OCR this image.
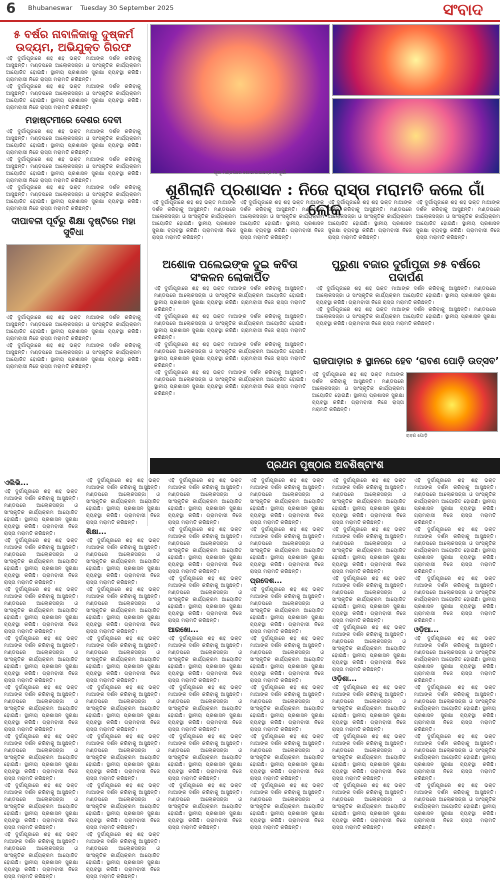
6 Bhubaneswar Tuesday 30 September 2025	ସଂବାଦ
୫ ବର୍ଷର ନାବାଳିକାକୁ ଦୁଷ୍କର୍ମ ଉଦ୍ୟମ, ଅଭିଯୁକ୍ତ ଗିରଫ
ଏହି ଦୁର୍ଗାପୂଜାରେ ଶହ ଶହ ଭକ୍ତ ମାଆଙ୍କ ଦର୍ଶନ କରିବାକୁ ଆସୁଛନ୍ତି। ମଣ୍ଡପରେ ଆଲୋକସଜ୍ଜା ଓ ସାଂସ୍କୃତିକ କାର୍ଯ୍ୟକ୍ରମ ଆୟୋଜିତ ହୋଇଛି। ସ୍ଥାନୀୟ ପ୍ରଶାସନ ସୁରକ୍ଷା ବ୍ୟବସ୍ଥା କରିଛି। ଗ୍ରାମବାସୀ ନିଜେ ରାସ୍ତା ମରାମତି କରିଛନ୍ତି।
ଏହି ଦୁର୍ଗାପୂଜାରେ ଶହ ଶହ ଭକ୍ତ ମାଆଙ୍କ ଦର୍ଶନ କରିବାକୁ ଆସୁଛନ୍ତି। ମଣ୍ଡପରେ ଆଲୋକସଜ୍ଜା ଓ ସାଂସ୍କୃତିକ କାର୍ଯ୍ୟକ୍ରମ ଆୟୋଜିତ ହୋଇଛି। ସ୍ଥାନୀୟ ପ୍ରଶାସନ ସୁରକ୍ଷା ବ୍ୟବସ୍ଥା କରିଛି। ଗ୍ରାମବାସୀ ନିଜେ ରାସ୍ତା ମରାମତି କରିଛନ୍ତି।
ମହାଷ୍ଟମୀରେ ଦେଶର ଦେବୀ
ଏହି ଦୁର୍ଗାପୂଜାରେ ଶହ ଶହ ଭକ୍ତ ମାଆଙ୍କ ଦର୍ଶନ କରିବାକୁ ଆସୁଛନ୍ତି। ମଣ୍ଡପରେ ଆଲୋକସଜ୍ଜା ଓ ସାଂସ୍କୃତିକ କାର୍ଯ୍ୟକ୍ରମ ଆୟୋଜିତ ହୋଇଛି। ସ୍ଥାନୀୟ ପ୍ରଶାସନ ସୁରକ୍ଷା ବ୍ୟବସ୍ଥା କରିଛି। ଗ୍ରାମବାସୀ ନିଜେ ରାସ୍ତା ମରାମତି କରିଛନ୍ତି।
ଏହି ଦୁର୍ଗାପୂଜାରେ ଶହ ଶହ ଭକ୍ତ ମାଆଙ୍କ ଦର୍ଶନ କରିବାକୁ ଆସୁଛନ୍ତି। ମଣ୍ଡପରେ ଆଲୋକସଜ୍ଜା ଓ ସାଂସ୍କୃତିକ କାର୍ଯ୍ୟକ୍ରମ ଆୟୋଜିତ ହୋଇଛି। ସ୍ଥାନୀୟ ପ୍ରଶାସନ ସୁରକ୍ଷା ବ୍ୟବସ୍ଥା କରିଛି। ଗ୍ରାମବାସୀ ନିଜେ ରାସ୍ତା ମରାମତି କରିଛନ୍ତି।
ଏହି ଦୁର୍ଗାପୂଜାରେ ଶହ ଶହ ଭକ୍ତ ମାଆଙ୍କ ଦର୍ଶନ କରିବାକୁ ଆସୁଛନ୍ତି। ମଣ୍ଡପରେ ଆଲୋକସଜ୍ଜା ଓ ସାଂସ୍କୃତିକ କାର୍ଯ୍ୟକ୍ରମ ଆୟୋଜିତ ହୋଇଛି। ସ୍ଥାନୀୟ ପ୍ରଶାସନ ସୁରକ୍ଷା ବ୍ୟବସ୍ଥା କରିଛି। ଗ୍ରାମବାସୀ ନିଜେ ରାସ୍ତା ମରାମତି କରିଛନ୍ତି।
ଦୀପାବଳୀ ପୂର୍ବରୁ ଶିକ୍ଷା ଦୃଷ୍ଟିରେ ମହା ସୁବିଧା
ଏହି ଦୁର୍ଗାପୂଜାରେ ଶହ ଶହ ଭକ୍ତ ମାଆଙ୍କ ଦର୍ଶନ କରିବାକୁ ଆସୁଛନ୍ତି। ମଣ୍ଡପରେ ଆଲୋକସଜ୍ଜା ଓ ସାଂସ୍କୃତିକ କାର୍ଯ୍ୟକ୍ରମ ଆୟୋଜିତ ହୋଇଛି। ସ୍ଥାନୀୟ ପ୍ରଶାସନ ସୁରକ୍ଷା ବ୍ୟବସ୍ଥା କରିଛି। ଗ୍ରାମବାସୀ ନିଜେ ରାସ୍ତା ମରାମତି କରିଛନ୍ତି।
ଏହି ଦୁର୍ଗାପୂଜାରେ ଶହ ଶହ ଭକ୍ତ ମାଆଙ୍କ ଦର୍ଶନ କରିବାକୁ ଆସୁଛନ୍ତି। ମଣ୍ଡପରେ ଆଲୋକସଜ୍ଜା ଓ ସାଂସ୍କୃତିକ କାର୍ଯ୍ୟକ୍ରମ ଆୟୋଜିତ ହୋଇଛି। ସ୍ଥାନୀୟ ପ୍ରଶାସନ ସୁରକ୍ଷା ବ୍ୟବସ୍ଥା କରିଛି। ଗ୍ରାମବାସୀ ନିଜେ ରାସ୍ତା ମରାମତି କରିଛନ୍ତି।
ପୂଜା ମଣ୍ଡପରେ ଶୋଭାପାଉଛନ୍ତି ମା’ଦୁର୍ଗା
ଶୁଣିଲାନି ପ୍ରଶାସନ : ନିଜେ ରାସ୍ତା ମରାମତି କଲେ ଗାଁ ଲୋକ
ଏହି ଦୁର୍ଗାପୂଜାରେ ଶହ ଶହ ଭକ୍ତ ମାଆଙ୍କ ଦର୍ଶନ କରିବାକୁ ଆସୁଛନ୍ତି। ମଣ୍ଡପରେ ଆଲୋକସଜ୍ଜା ଓ ସାଂସ୍କୃତିକ କାର୍ଯ୍ୟକ୍ରମ ଆୟୋଜିତ ହୋଇଛି। ସ୍ଥାନୀୟ ପ୍ରଶାସନ ସୁରକ୍ଷା ବ୍ୟବସ୍ଥା କରିଛି। ଗ୍ରାମବାସୀ ନିଜେ ରାସ୍ତା ମରାମତି କରିଛନ୍ତି।
ଏହି ଦୁର୍ଗାପୂଜାରେ ଶହ ଶହ ଭକ୍ତ ମାଆଙ୍କ ଦର୍ଶନ କରିବାକୁ ଆସୁଛନ୍ତି। ମଣ୍ଡପରେ ଆଲୋକସଜ୍ଜା ଓ ସାଂସ୍କୃତିକ କାର୍ଯ୍ୟକ୍ରମ ଆୟୋଜିତ ହୋଇଛି। ସ୍ଥାନୀୟ ପ୍ରଶାସନ ସୁରକ୍ଷା ବ୍ୟବସ୍ଥା କରିଛି। ଗ୍ରାମବାସୀ ନିଜେ ରାସ୍ତା ମରାମତି କରିଛନ୍ତି।
ଏହି ଦୁର୍ଗାପୂଜାରେ ଶହ ଶହ ଭକ୍ତ ମାଆଙ୍କ ଦର୍ଶନ କରିବାକୁ ଆସୁଛନ୍ତି। ମଣ୍ଡପରେ ଆଲୋକସଜ୍ଜା ଓ ସାଂସ୍କୃତିକ କାର୍ଯ୍ୟକ୍ରମ ଆୟୋଜିତ ହୋଇଛି। ସ୍ଥାନୀୟ ପ୍ରଶାସନ ସୁରକ୍ଷା ବ୍ୟବସ୍ଥା କରିଛି। ଗ୍ରାମବାସୀ ନିଜେ ରାସ୍ତା ମରାମତି କରିଛନ୍ତି।
ଏହି ଦୁର୍ଗାପୂଜାରେ ଶହ ଶହ ଭକ୍ତ ମାଆଙ୍କ ଦର୍ଶନ କରିବାକୁ ଆସୁଛନ୍ତି। ମଣ୍ଡପରେ ଆଲୋକସଜ୍ଜା ଓ ସାଂସ୍କୃତିକ କାର୍ଯ୍ୟକ୍ରମ ଆୟୋଜିତ ହୋଇଛି। ସ୍ଥାନୀୟ ପ୍ରଶାସନ ସୁରକ୍ଷା ବ୍ୟବସ୍ଥା କରିଛି। ଗ୍ରାମବାସୀ ନିଜେ ରାସ୍ତା ମରାମତି କରିଛନ୍ତି।
ଅଶୋକ ପଲେଇଙ୍କ ଦୁଇ କବିତା ସଂକଳନ ଲୋକାର୍ପିତ
ଏହି ଦୁର୍ଗାପୂଜାରେ ଶହ ଶହ ଭକ୍ତ ମାଆଙ୍କ ଦର୍ଶନ କରିବାକୁ ଆସୁଛନ୍ତି। ମଣ୍ଡପରେ ଆଲୋକସଜ୍ଜା ଓ ସାଂସ୍କୃତିକ କାର୍ଯ୍ୟକ୍ରମ ଆୟୋଜିତ ହୋଇଛି। ସ୍ଥାନୀୟ ପ୍ରଶାସନ ସୁରକ୍ଷା ବ୍ୟବସ୍ଥା କରିଛି। ଗ୍ରାମବାସୀ ନିଜେ ରାସ୍ତା ମରାମତି କରିଛନ୍ତି।
ଏହି ଦୁର୍ଗାପୂଜାରେ ଶହ ଶହ ଭକ୍ତ ମାଆଙ୍କ ଦର୍ଶନ କରିବାକୁ ଆସୁଛନ୍ତି। ମଣ୍ଡପରେ ଆଲୋକସଜ୍ଜା ଓ ସାଂସ୍କୃତିକ କାର୍ଯ୍ୟକ୍ରମ ଆୟୋଜିତ ହୋଇଛି। ସ୍ଥାନୀୟ ପ୍ରଶାସନ ସୁରକ୍ଷା ବ୍ୟବସ୍ଥା କରିଛି। ଗ୍ରାମବାସୀ ନିଜେ ରାସ୍ତା ମରାମତି କରିଛନ୍ତି।
ଏହି ଦୁର୍ଗାପୂଜାରେ ଶହ ଶହ ଭକ୍ତ ମାଆଙ୍କ ଦର୍ଶନ କରିବାକୁ ଆସୁଛନ୍ତି। ମଣ୍ଡପରେ ଆଲୋକସଜ୍ଜା ଓ ସାଂସ୍କୃତିକ କାର୍ଯ୍ୟକ୍ରମ ଆୟୋଜିତ ହୋଇଛି। ସ୍ଥାନୀୟ ପ୍ରଶାସନ ସୁରକ୍ଷା ବ୍ୟବସ୍ଥା କରିଛି। ଗ୍ରାମବାସୀ ନିଜେ ରାସ୍ତା ମରାମତି କରିଛନ୍ତି।
ଏହି ଦୁର୍ଗାପୂଜାରେ ଶହ ଶହ ଭକ୍ତ ମାଆଙ୍କ ଦର୍ଶନ କରିବାକୁ ଆସୁଛନ୍ତି। ମଣ୍ଡପରେ ଆଲୋକସଜ୍ଜା ଓ ସାଂସ୍କୃତିକ କାର୍ଯ୍ୟକ୍ରମ ଆୟୋଜିତ ହୋଇଛି। ସ୍ଥାନୀୟ ପ୍ରଶାସନ ସୁରକ୍ଷା ବ୍ୟବସ୍ଥା କରିଛି। ଗ୍ରାମବାସୀ ନିଜେ ରାସ୍ତା ମରାମତି କରିଛନ୍ତି।
ପୁରୁଣା ବଜାର ଦୁର୍ଗାପୂଜା ୭୫ ବର୍ଷରେ ପଦାର୍ପଣ
ଏହି ଦୁର୍ଗାପୂଜାରେ ଶହ ଶହ ଭକ୍ତ ମାଆଙ୍କ ଦର୍ଶନ କରିବାକୁ ଆସୁଛନ୍ତି। ମଣ୍ଡପରେ ଆଲୋକସଜ୍ଜା ଓ ସାଂସ୍କୃତିକ କାର୍ଯ୍ୟକ୍ରମ ଆୟୋଜିତ ହୋଇଛି। ସ୍ଥାନୀୟ ପ୍ରଶାସନ ସୁରକ୍ଷା ବ୍ୟବସ୍ଥା କରିଛି। ଗ୍ରାମବାସୀ ନିଜେ ରାସ୍ତା ମରାମତି କରିଛନ୍ତି।
ଏହି ଦୁର୍ଗାପୂଜାରେ ଶହ ଶହ ଭକ୍ତ ମାଆଙ୍କ ଦର୍ଶନ କରିବାକୁ ଆସୁଛନ୍ତି। ମଣ୍ଡପରେ ଆଲୋକସଜ୍ଜା ଓ ସାଂସ୍କୃତିକ କାର୍ଯ୍ୟକ୍ରମ ଆୟୋଜିତ ହୋଇଛି। ସ୍ଥାନୀୟ ପ୍ରଶାସନ ସୁରକ୍ଷା ବ୍ୟବସ୍ଥା କରିଛି। ଗ୍ରାମବାସୀ ନିଜେ ରାସ୍ତା ମରାମତି କରିଛନ୍ତି।
ରାଜପାଡ଼ାର ୫ ସ୍ଥାନରେ ହେବ ‘ରାବଣ ପୋଡ଼ି ଉତ୍ସବ’
ଏହି ଦୁର୍ଗାପୂଜାରେ ଶହ ଶହ ଭକ୍ତ ମାଆଙ୍କ ଦର୍ଶନ କରିବାକୁ ଆସୁଛନ୍ତି। ମଣ୍ଡପରେ ଆଲୋକସଜ୍ଜା ଓ ସାଂସ୍କୃତିକ କାର୍ଯ୍ୟକ୍ରମ ଆୟୋଜିତ ହୋଇଛି। ସ୍ଥାନୀୟ ପ୍ରଶାସନ ସୁରକ୍ଷା ବ୍ୟବସ୍ଥା କରିଛି। ଗ୍ରାମବାସୀ ନିଜେ ରାସ୍ତା ମରାମତି କରିଛନ୍ତି।
ରାବଣ ପୋଡ଼ି
ପ୍ରଥମ ପୃଷ୍ଠାର ଅବଶିଷ୍ଟାଂଶ
ଏଲିଭି...
ଏହି ଦୁର୍ଗାପୂଜାରେ ଶହ ଶହ ଭକ୍ତ ମାଆଙ୍କ ଦର୍ଶନ କରିବାକୁ ଆସୁଛନ୍ତି। ମଣ୍ଡପରେ ଆଲୋକସଜ୍ଜା ଓ ସାଂସ୍କୃତିକ କାର୍ଯ୍ୟକ୍ରମ ଆୟୋଜିତ ହୋଇଛି। ସ୍ଥାନୀୟ ପ୍ରଶାସନ ସୁରକ୍ଷା ବ୍ୟବସ୍ଥା କରିଛି। ଗ୍ରାମବାସୀ ନିଜେ ରାସ୍ତା ମରାମତି କରିଛନ୍ତି।
ଏହି ଦୁର୍ଗାପୂଜାରେ ଶହ ଶହ ଭକ୍ତ ମାଆଙ୍କ ଦର୍ଶନ କରିବାକୁ ଆସୁଛନ୍ତି। ମଣ୍ଡପରେ ଆଲୋକସଜ୍ଜା ଓ ସାଂସ୍କୃତିକ କାର୍ଯ୍ୟକ୍ରମ ଆୟୋଜିତ ହୋଇଛି। ସ୍ଥାନୀୟ ପ୍ରଶାସନ ସୁରକ୍ଷା ବ୍ୟବସ୍ଥା କରିଛି। ଗ୍ରାମବାସୀ ନିଜେ ରାସ୍ତା ମରାମତି କରିଛନ୍ତି।
ଏହି ଦୁର୍ଗାପୂଜାରେ ଶହ ଶହ ଭକ୍ତ ମାଆଙ୍କ ଦର୍ଶନ କରିବାକୁ ଆସୁଛନ୍ତି। ମଣ୍ଡପରେ ଆଲୋକସଜ୍ଜା ଓ ସାଂସ୍କୃତିକ କାର୍ଯ୍ୟକ୍ରମ ଆୟୋଜିତ ହୋଇଛି। ସ୍ଥାନୀୟ ପ୍ରଶାସନ ସୁରକ୍ଷା ବ୍ୟବସ୍ଥା କରିଛି। ଗ୍ରାମବାସୀ ନିଜେ ରାସ୍ତା ମରାମତି କରିଛନ୍ତି।
ଏହି ଦୁର୍ଗାପୂଜାରେ ଶହ ଶହ ଭକ୍ତ ମାଆଙ୍କ ଦର୍ଶନ କରିବାକୁ ଆସୁଛନ୍ତି। ମଣ୍ଡପରେ ଆଲୋକସଜ୍ଜା ଓ ସାଂସ୍କୃତିକ କାର୍ଯ୍ୟକ୍ରମ ଆୟୋଜିତ ହୋଇଛି। ସ୍ଥାନୀୟ ପ୍ରଶାସନ ସୁରକ୍ଷା ବ୍ୟବସ୍ଥା କରିଛି। ଗ୍ରାମବାସୀ ନିଜେ ରାସ୍ତା ମରାମତି କରିଛନ୍ତି।
ଏହି ଦୁର୍ଗାପୂଜାରେ ଶହ ଶହ ଭକ୍ତ ମାଆଙ୍କ ଦର୍ଶନ କରିବାକୁ ଆସୁଛନ୍ତି। ମଣ୍ଡପରେ ଆଲୋକସଜ୍ଜା ଓ ସାଂସ୍କୃତିକ କାର୍ଯ୍ୟକ୍ରମ ଆୟୋଜିତ ହୋଇଛି। ସ୍ଥାନୀୟ ପ୍ରଶାସନ ସୁରକ୍ଷା ବ୍ୟବସ୍ଥା କରିଛି। ଗ୍ରାମବାସୀ ନିଜେ ରାସ୍ତା ମରାମତି କରିଛନ୍ତି।
ଏହି ଦୁର୍ଗାପୂଜାରେ ଶହ ଶହ ଭକ୍ତ ମାଆଙ୍କ ଦର୍ଶନ କରିବାକୁ ଆସୁଛନ୍ତି। ମଣ୍ଡପରେ ଆଲୋକସଜ୍ଜା ଓ ସାଂସ୍କୃତିକ କାର୍ଯ୍ୟକ୍ରମ ଆୟୋଜିତ ହୋଇଛି। ସ୍ଥାନୀୟ ପ୍ରଶାସନ ସୁରକ୍ଷା ବ୍ୟବସ୍ଥା କରିଛି। ଗ୍ରାମବାସୀ ନିଜେ ରାସ୍ତା ମରାମତି କରିଛନ୍ତି।
ଏହି ଦୁର୍ଗାପୂଜାରେ ଶହ ଶହ ଭକ୍ତ ମାଆଙ୍କ ଦର୍ଶନ କରିବାକୁ ଆସୁଛନ୍ତି। ମଣ୍ଡପରେ ଆଲୋକସଜ୍ଜା ଓ ସାଂସ୍କୃତିକ କାର୍ଯ୍ୟକ୍ରମ ଆୟୋଜିତ ହୋଇଛି। ସ୍ଥାନୀୟ ପ୍ରଶାସନ ସୁରକ୍ଷା ବ୍ୟବସ୍ଥା କରିଛି। ଗ୍ରାମବାସୀ ନିଜେ ରାସ୍ତା ମରାମତି କରିଛନ୍ତି।
ଏହି ଦୁର୍ଗାପୂଜାରେ ଶହ ଶହ ଭକ୍ତ ମାଆଙ୍କ ଦର୍ଶନ କରିବାକୁ ଆସୁଛନ୍ତି। ମଣ୍ଡପରେ ଆଲୋକସଜ୍ଜା ଓ ସାଂସ୍କୃତିକ କାର୍ଯ୍ୟକ୍ରମ ଆୟୋଜିତ ହୋଇଛି। ସ୍ଥାନୀୟ ପ୍ରଶାସନ ସୁରକ୍ଷା ବ୍ୟବସ୍ଥା କରିଛି। ଗ୍ରାମବାସୀ ନିଜେ ରାସ୍ତା ମରାମତି କରିଛନ୍ତି।
ଏହି ଦୁର୍ଗାପୂଜାରେ ଶହ ଶହ ଭକ୍ତ ମାଆଙ୍କ ଦର୍ଶନ କରିବାକୁ ଆସୁଛନ୍ତି। ମଣ୍ଡପରେ ଆଲୋକସଜ୍ଜା ଓ ସାଂସ୍କୃତିକ କାର୍ଯ୍ୟକ୍ରମ ଆୟୋଜିତ ହୋଇଛି। ସ୍ଥାନୀୟ ପ୍ରଶାସନ ସୁରକ୍ଷା ବ୍ୟବସ୍ଥା କରିଛି। ଗ୍ରାମବାସୀ ନିଜେ ରାସ୍ତା ମରାମତି କରିଛନ୍ତି।
ଶିକ୍ଷା...
ଏହି ଦୁର୍ଗାପୂଜାରେ ଶହ ଶହ ଭକ୍ତ ମାଆଙ୍କ ଦର୍ଶନ କରିବାକୁ ଆସୁଛନ୍ତି। ମଣ୍ଡପରେ ଆଲୋକସଜ୍ଜା ଓ ସାଂସ୍କୃତିକ କାର୍ଯ୍ୟକ୍ରମ ଆୟୋଜିତ ହୋଇଛି। ସ୍ଥାନୀୟ ପ୍ରଶାସନ ସୁରକ୍ଷା ବ୍ୟବସ୍ଥା କରିଛି। ଗ୍ରାମବାସୀ ନିଜେ ରାସ୍ତା ମରାମତି କରିଛନ୍ତି।
ଏହି ଦୁର୍ଗାପୂଜାରେ ଶହ ଶହ ଭକ୍ତ ମାଆଙ୍କ ଦର୍ଶନ କରିବାକୁ ଆସୁଛନ୍ତି। ମଣ୍ଡପରେ ଆଲୋକସଜ୍ଜା ଓ ସାଂସ୍କୃତିକ କାର୍ଯ୍ୟକ୍ରମ ଆୟୋଜିତ ହୋଇଛି। ସ୍ଥାନୀୟ ପ୍ରଶାସନ ସୁରକ୍ଷା ବ୍ୟବସ୍ଥା କରିଛି। ଗ୍ରାମବାସୀ ନିଜେ ରାସ୍ତା ମରାମତି କରିଛନ୍ତି।
ଏହି ଦୁର୍ଗାପୂଜାରେ ଶହ ଶହ ଭକ୍ତ ମାଆଙ୍କ ଦର୍ଶନ କରିବାକୁ ଆସୁଛନ୍ତି। ମଣ୍ଡପରେ ଆଲୋକସଜ୍ଜା ଓ ସାଂସ୍କୃତିକ କାର୍ଯ୍ୟକ୍ରମ ଆୟୋଜିତ ହୋଇଛି। ସ୍ଥାନୀୟ ପ୍ରଶାସନ ସୁରକ୍ଷା ବ୍ୟବସ୍ଥା କରିଛି। ଗ୍ରାମବାସୀ ନିଜେ ରାସ୍ତା ମରାମତି କରିଛନ୍ତି।
ଏହି ଦୁର୍ଗାପୂଜାରେ ଶହ ଶହ ଭକ୍ତ ମାଆଙ୍କ ଦର୍ଶନ କରିବାକୁ ଆସୁଛନ୍ତି। ମଣ୍ଡପରେ ଆଲୋକସଜ୍ଜା ଓ ସାଂସ୍କୃତିକ କାର୍ଯ୍ୟକ୍ରମ ଆୟୋଜିତ ହୋଇଛି। ସ୍ଥାନୀୟ ପ୍ରଶାସନ ସୁରକ୍ଷା ବ୍ୟବସ୍ଥା କରିଛି। ଗ୍ରାମବାସୀ ନିଜେ ରାସ୍ତା ମରାମତି କରିଛନ୍ତି।
ଏହି ଦୁର୍ଗାପୂଜାରେ ଶହ ଶହ ଭକ୍ତ ମାଆଙ୍କ ଦର୍ଶନ କରିବାକୁ ଆସୁଛନ୍ତି। ମଣ୍ଡପରେ ଆଲୋକସଜ୍ଜା ଓ ସାଂସ୍କୃତିକ କାର୍ଯ୍ୟକ୍ରମ ଆୟୋଜିତ ହୋଇଛି। ସ୍ଥାନୀୟ ପ୍ରଶାସନ ସୁରକ୍ଷା ବ୍ୟବସ୍ଥା କରିଛି। ଗ୍ରାମବାସୀ ନିଜେ ରାସ୍ତା ମରାମତି କରିଛନ୍ତି।
ଏହି ଦୁର୍ଗାପୂଜାରେ ଶହ ଶହ ଭକ୍ତ ମାଆଙ୍କ ଦର୍ଶନ କରିବାକୁ ଆସୁଛନ୍ତି। ମଣ୍ଡପରେ ଆଲୋକସଜ୍ଜା ଓ ସାଂସ୍କୃତିକ କାର୍ଯ୍ୟକ୍ରମ ଆୟୋଜିତ ହୋଇଛି। ସ୍ଥାନୀୟ ପ୍ରଶାସନ ସୁରକ୍ଷା ବ୍ୟବସ୍ଥା କରିଛି। ଗ୍ରାମବାସୀ ନିଜେ ରାସ୍ତା ମରାମତି କରିଛନ୍ତି।
ଏହି ଦୁର୍ଗାପୂଜାରେ ଶହ ଶହ ଭକ୍ତ ମାଆଙ୍କ ଦର୍ଶନ କରିବାକୁ ଆସୁଛନ୍ତି। ମଣ୍ଡପରେ ଆଲୋକସଜ୍ଜା ଓ ସାଂସ୍କୃତିକ କାର୍ଯ୍ୟକ୍ରମ ଆୟୋଜିତ ହୋଇଛି। ସ୍ଥାନୀୟ ପ୍ରଶାସନ ସୁରକ୍ଷା ବ୍ୟବସ୍ଥା କରିଛି। ଗ୍ରାମବାସୀ ନିଜେ ରାସ୍ତା ମରାମତି କରିଛନ୍ତି।
ଏହି ଦୁର୍ଗାପୂଜାରେ ଶହ ଶହ ଭକ୍ତ ମାଆଙ୍କ ଦର୍ଶନ କରିବାକୁ ଆସୁଛନ୍ତି। ମଣ୍ଡପରେ ଆଲୋକସଜ୍ଜା ଓ ସାଂସ୍କୃତିକ କାର୍ଯ୍ୟକ୍ରମ ଆୟୋଜିତ ହୋଇଛି। ସ୍ଥାନୀୟ ପ୍ରଶାସନ ସୁରକ୍ଷା ବ୍ୟବସ୍ଥା କରିଛି। ଗ୍ରାମବାସୀ ନିଜେ ରାସ୍ତା ମରାମତି କରିଛନ୍ତି।
ଏହି ଦୁର୍ଗାପୂଜାରେ ଶହ ଶହ ଭକ୍ତ ମାଆଙ୍କ ଦର୍ଶନ କରିବାକୁ ଆସୁଛନ୍ତି। ମଣ୍ଡପରେ ଆଲୋକସଜ୍ଜା ଓ ସାଂସ୍କୃତିକ କାର୍ଯ୍ୟକ୍ରମ ଆୟୋଜିତ ହୋଇଛି। ସ୍ଥାନୀୟ ପ୍ରଶାସନ ସୁରକ୍ଷା ବ୍ୟବସ୍ଥା କରିଛି। ଗ୍ରାମବାସୀ ନିଜେ ରାସ୍ତା ମରାମତି କରିଛନ୍ତି।
ଏହି ଦୁର୍ଗାପୂଜାରେ ଶହ ଶହ ଭକ୍ତ ମାଆଙ୍କ ଦର୍ଶନ କରିବାକୁ ଆସୁଛନ୍ତି। ମଣ୍ଡପରେ ଆଲୋକସଜ୍ଜା ଓ ସାଂସ୍କୃତିକ କାର୍ଯ୍ୟକ୍ରମ ଆୟୋଜିତ ହୋଇଛି। ସ୍ଥାନୀୟ ପ୍ରଶାସନ ସୁରକ୍ଷା ବ୍ୟବସ୍ଥା କରିଛି। ଗ୍ରାମବାସୀ ନିଜେ ରାସ୍ତା ମରାମତି କରିଛନ୍ତି।
ଆରଖୋ...
ଏହି ଦୁର୍ଗାପୂଜାରେ ଶହ ଶହ ଭକ୍ତ ମାଆଙ୍କ ଦର୍ଶନ କରିବାକୁ ଆସୁଛନ୍ତି। ମଣ୍ଡପରେ ଆଲୋକସଜ୍ଜା ଓ ସାଂସ୍କୃତିକ କାର୍ଯ୍ୟକ୍ରମ ଆୟୋଜିତ ହୋଇଛି। ସ୍ଥାନୀୟ ପ୍ରଶାସନ ସୁରକ୍ଷା ବ୍ୟବସ୍ଥା କରିଛି। ଗ୍ରାମବାସୀ ନିଜେ ରାସ୍ତା ମରାମତି କରିଛନ୍ତି।
ଏହି ଦୁର୍ଗାପୂଜାରେ ଶହ ଶହ ଭକ୍ତ ମାଆଙ୍କ ଦର୍ଶନ କରିବାକୁ ଆସୁଛନ୍ତି। ମଣ୍ଡପରେ ଆଲୋକସଜ୍ଜା ଓ ସାଂସ୍କୃତିକ କାର୍ଯ୍ୟକ୍ରମ ଆୟୋଜିତ ହୋଇଛି। ସ୍ଥାନୀୟ ପ୍ରଶାସନ ସୁରକ୍ଷା ବ୍ୟବସ୍ଥା କରିଛି। ଗ୍ରାମବାସୀ ନିଜେ ରାସ୍ତା ମରାମତି କରିଛନ୍ତି।
ଏହି ଦୁର୍ଗାପୂଜାରେ ଶହ ଶହ ଭକ୍ତ ମାଆଙ୍କ ଦର୍ଶନ କରିବାକୁ ଆସୁଛନ୍ତି। ମଣ୍ଡପରେ ଆଲୋକସଜ୍ଜା ଓ ସାଂସ୍କୃତିକ କାର୍ଯ୍ୟକ୍ରମ ଆୟୋଜିତ ହୋଇଛି। ସ୍ଥାନୀୟ ପ୍ରଶାସନ ସୁରକ୍ଷା ବ୍ୟବସ୍ଥା କରିଛି। ଗ୍ରାମବାସୀ ନିଜେ ରାସ୍ତା ମରାମତି କରିଛନ୍ତି।
ଏହି ଦୁର୍ଗାପୂଜାରେ ଶହ ଶହ ଭକ୍ତ ମାଆଙ୍କ ଦର୍ଶନ କରିବାକୁ ଆସୁଛନ୍ତି। ମଣ୍ଡପରେ ଆଲୋକସଜ୍ଜା ଓ ସାଂସ୍କୃତିକ କାର୍ଯ୍ୟକ୍ରମ ଆୟୋଜିତ ହୋଇଛି। ସ୍ଥାନୀୟ ପ୍ରଶାସନ ସୁରକ୍ଷା ବ୍ୟବସ୍ଥା କରିଛି। ଗ୍ରାମବାସୀ ନିଜେ ରାସ୍ତା ମରାମତି କରିଛନ୍ତି।
ଏହି ଦୁର୍ଗାପୂଜାରେ ଶହ ଶହ ଭକ୍ତ ମାଆଙ୍କ ଦର୍ଶନ କରିବାକୁ ଆସୁଛନ୍ତି। ମଣ୍ଡପରେ ଆଲୋକସଜ୍ଜା ଓ ସାଂସ୍କୃତିକ କାର୍ଯ୍ୟକ୍ରମ ଆୟୋଜିତ ହୋଇଛି। ସ୍ଥାନୀୟ ପ୍ରଶାସନ ସୁରକ୍ଷା ବ୍ୟବସ୍ଥା କରିଛି। ଗ୍ରାମବାସୀ ନିଜେ ରାସ୍ତା ମରାମତି କରିଛନ୍ତି।
ଏହି ଦୁର୍ଗାପୂଜାରେ ଶହ ଶହ ଭକ୍ତ ମାଆଙ୍କ ଦର୍ଶନ କରିବାକୁ ଆସୁଛନ୍ତି। ମଣ୍ଡପରେ ଆଲୋକସଜ୍ଜା ଓ ସାଂସ୍କୃତିକ କାର୍ଯ୍ୟକ୍ରମ ଆୟୋଜିତ ହୋଇଛି। ସ୍ଥାନୀୟ ପ୍ରଶାସନ ସୁରକ୍ଷା ବ୍ୟବସ୍ଥା କରିଛି। ଗ୍ରାମବାସୀ ନିଜେ ରାସ୍ତା ମରାମତି କରିଛନ୍ତି।
ପ୍ରଦେଶ...
ଏହି ଦୁର୍ଗାପୂଜାରେ ଶହ ଶହ ଭକ୍ତ ମାଆଙ୍କ ଦର୍ଶନ କରିବାକୁ ଆସୁଛନ୍ତି। ମଣ୍ଡପରେ ଆଲୋକସଜ୍ଜା ଓ ସାଂସ୍କୃତିକ କାର୍ଯ୍ୟକ୍ରମ ଆୟୋଜିତ ହୋଇଛି। ସ୍ଥାନୀୟ ପ୍ରଶାସନ ସୁରକ୍ଷା ବ୍ୟବସ୍ଥା କରିଛି। ଗ୍ରାମବାସୀ ନିଜେ ରାସ୍ତା ମରାମତି କରିଛନ୍ତି।
ଏହି ଦୁର୍ଗାପୂଜାରେ ଶହ ଶହ ଭକ୍ତ ମାଆଙ୍କ ଦର୍ଶନ କରିବାକୁ ଆସୁଛନ୍ତି। ମଣ୍ଡପରେ ଆଲୋକସଜ୍ଜା ଓ ସାଂସ୍କୃତିକ କାର୍ଯ୍ୟକ୍ରମ ଆୟୋଜିତ ହୋଇଛି। ସ୍ଥାନୀୟ ପ୍ରଶାସନ ସୁରକ୍ଷା ବ୍ୟବସ୍ଥା କରିଛି। ଗ୍ରାମବାସୀ ନିଜେ ରାସ୍ତା ମରାମତି କରିଛନ୍ତି।
ଏହି ଦୁର୍ଗାପୂଜାରେ ଶହ ଶହ ଭକ୍ତ ମାଆଙ୍କ ଦର୍ଶନ କରିବାକୁ ଆସୁଛନ୍ତି। ମଣ୍ଡପରେ ଆଲୋକସଜ୍ଜା ଓ ସାଂସ୍କୃତିକ କାର୍ଯ୍ୟକ୍ରମ ଆୟୋଜିତ ହୋଇଛି। ସ୍ଥାନୀୟ ପ୍ରଶାସନ ସୁରକ୍ଷା ବ୍ୟବସ୍ଥା କରିଛି। ଗ୍ରାମବାସୀ ନିଜେ ରାସ୍ତା ମରାମତି କରିଛନ୍ତି।
ଏହି ଦୁର୍ଗାପୂଜାରେ ଶହ ଶହ ଭକ୍ତ ମାଆଙ୍କ ଦର୍ଶନ କରିବାକୁ ଆସୁଛନ୍ତି। ମଣ୍ଡପରେ ଆଲୋକସଜ୍ଜା ଓ ସାଂସ୍କୃତିକ କାର୍ଯ୍ୟକ୍ରମ ଆୟୋଜିତ ହୋଇଛି। ସ୍ଥାନୀୟ ପ୍ରଶାସନ ସୁରକ୍ଷା ବ୍ୟବସ୍ଥା କରିଛି। ଗ୍ରାମବାସୀ ନିଜେ ରାସ୍ତା ମରାମତି କରିଛନ୍ତି।
ଏହି ଦୁର୍ଗାପୂଜାରେ ଶହ ଶହ ଭକ୍ତ ମାଆଙ୍କ ଦର୍ଶନ କରିବାକୁ ଆସୁଛନ୍ତି। ମଣ୍ଡପରେ ଆଲୋକସଜ୍ଜା ଓ ସାଂସ୍କୃତିକ କାର୍ଯ୍ୟକ୍ରମ ଆୟୋଜିତ ହୋଇଛି। ସ୍ଥାନୀୟ ପ୍ରଶାସନ ସୁରକ୍ଷା ବ୍ୟବସ୍ଥା କରିଛି। ଗ୍ରାମବାସୀ ନିଜେ ରାସ୍ତା ମରାମତି କରିଛନ୍ତି।
ଏହି ଦୁର୍ଗାପୂଜାରେ ଶହ ଶହ ଭକ୍ତ ମାଆଙ୍କ ଦର୍ଶନ କରିବାକୁ ଆସୁଛନ୍ତି। ମଣ୍ଡପରେ ଆଲୋକସଜ୍ଜା ଓ ସାଂସ୍କୃତିକ କାର୍ଯ୍ୟକ୍ରମ ଆୟୋଜିତ ହୋଇଛି। ସ୍ଥାନୀୟ ପ୍ରଶାସନ ସୁରକ୍ଷା ବ୍ୟବସ୍ଥା କରିଛି। ଗ୍ରାମବାସୀ ନିଜେ ରାସ୍ତା ମରାମତି କରିଛନ୍ତି।
ଏହି ଦୁର୍ଗାପୂଜାରେ ଶହ ଶହ ଭକ୍ତ ମାଆଙ୍କ ଦର୍ଶନ କରିବାକୁ ଆସୁଛନ୍ତି। ମଣ୍ଡପରେ ଆଲୋକସଜ୍ଜା ଓ ସାଂସ୍କୃତିକ କାର୍ଯ୍ୟକ୍ରମ ଆୟୋଜିତ ହୋଇଛି। ସ୍ଥାନୀୟ ପ୍ରଶାସନ ସୁରକ୍ଷା ବ୍ୟବସ୍ଥା କରିଛି। ଗ୍ରାମବାସୀ ନିଜେ ରାସ୍ତା ମରାମତି କରିଛନ୍ତି।
ଏହି ଦୁର୍ଗାପୂଜାରେ ଶହ ଶହ ଭକ୍ତ ମାଆଙ୍କ ଦର୍ଶନ କରିବାକୁ ଆସୁଛନ୍ତି। ମଣ୍ଡପରେ ଆଲୋକସଜ୍ଜା ଓ ସାଂସ୍କୃତିକ କାର୍ଯ୍ୟକ୍ରମ ଆୟୋଜିତ ହୋଇଛି। ସ୍ଥାନୀୟ ପ୍ରଶାସନ ସୁରକ୍ଷା ବ୍ୟବସ୍ଥା କରିଛି। ଗ୍ରାମବାସୀ ନିଜେ ରାସ୍ତା ମରାମତି କରିଛନ୍ତି।
ଏହି ଦୁର୍ଗାପୂଜାରେ ଶହ ଶହ ଭକ୍ତ ମାଆଙ୍କ ଦର୍ଶନ କରିବାକୁ ଆସୁଛନ୍ତି। ମଣ୍ଡପରେ ଆଲୋକସଜ୍ଜା ଓ ସାଂସ୍କୃତିକ କାର୍ଯ୍ୟକ୍ରମ ଆୟୋଜିତ ହୋଇଛି। ସ୍ଥାନୀୟ ପ୍ରଶାସନ ସୁରକ୍ଷା ବ୍ୟବସ୍ଥା କରିଛି। ଗ୍ରାମବାସୀ ନିଜେ ରାସ୍ତା ମରାମତି କରିଛନ୍ତି।
ଓଡ଼ିଶା...
ଏହି ଦୁର୍ଗାପୂଜାରେ ଶହ ଶହ ଭକ୍ତ ମାଆଙ୍କ ଦର୍ଶନ କରିବାକୁ ଆସୁଛନ୍ତି। ମଣ୍ଡପରେ ଆଲୋକସଜ୍ଜା ଓ ସାଂସ୍କୃତିକ କାର୍ଯ୍ୟକ୍ରମ ଆୟୋଜିତ ହୋଇଛି। ସ୍ଥାନୀୟ ପ୍ରଶାସନ ସୁରକ୍ଷା ବ୍ୟବସ୍ଥା କରିଛି। ଗ୍ରାମବାସୀ ନିଜେ ରାସ୍ତା ମରାମତି କରିଛନ୍ତି।
ଏହି ଦୁର୍ଗାପୂଜାରେ ଶହ ଶହ ଭକ୍ତ ମାଆଙ୍କ ଦର୍ଶନ କରିବାକୁ ଆସୁଛନ୍ତି। ମଣ୍ଡପରେ ଆଲୋକସଜ୍ଜା ଓ ସାଂସ୍କୃତିକ କାର୍ଯ୍ୟକ୍ରମ ଆୟୋଜିତ ହୋଇଛି। ସ୍ଥାନୀୟ ପ୍ରଶାସନ ସୁରକ୍ଷା ବ୍ୟବସ୍ଥା କରିଛି। ଗ୍ରାମବାସୀ ନିଜେ ରାସ୍ତା ମରାମତି କରିଛନ୍ତି।
ଏହି ଦୁର୍ଗାପୂଜାରେ ଶହ ଶହ ଭକ୍ତ ମାଆଙ୍କ ଦର୍ଶନ କରିବାକୁ ଆସୁଛନ୍ତି। ମଣ୍ଡପରେ ଆଲୋକସଜ୍ଜା ଓ ସାଂସ୍କୃତିକ କାର୍ଯ୍ୟକ୍ରମ ଆୟୋଜିତ ହୋଇଛି। ସ୍ଥାନୀୟ ପ୍ରଶାସନ ସୁରକ୍ଷା ବ୍ୟବସ୍ଥା କରିଛି। ଗ୍ରାମବାସୀ ନିଜେ ରାସ୍ତା ମରାମତି କରିଛନ୍ତି।
ଏହି ଦୁର୍ଗାପୂଜାରେ ଶହ ଶହ ଭକ୍ତ ମାଆଙ୍କ ଦର୍ଶନ କରିବାକୁ ଆସୁଛନ୍ତି। ମଣ୍ଡପରେ ଆଲୋକସଜ୍ଜା ଓ ସାଂସ୍କୃତିକ କାର୍ଯ୍ୟକ୍ରମ ଆୟୋଜିତ ହୋଇଛି। ସ୍ଥାନୀୟ ପ୍ରଶାସନ ସୁରକ୍ଷା ବ୍ୟବସ୍ଥା କରିଛି। ଗ୍ରାମବାସୀ ନିଜେ ରାସ୍ତା ମରାମତି କରିଛନ୍ତି।
ଏହି ଦୁର୍ଗାପୂଜାରେ ଶହ ଶହ ଭକ୍ତ ମାଆଙ୍କ ଦର୍ଶନ କରିବାକୁ ଆସୁଛନ୍ତି। ମଣ୍ଡପରେ ଆଲୋକସଜ୍ଜା ଓ ସାଂସ୍କୃତିକ କାର୍ଯ୍ୟକ୍ରମ ଆୟୋଜିତ ହୋଇଛି। ସ୍ଥାନୀୟ ପ୍ରଶାସନ ସୁରକ୍ଷା ବ୍ୟବସ୍ଥା କରିଛି। ଗ୍ରାମବାସୀ ନିଜେ ରାସ୍ତା ମରାମତି କରିଛନ୍ତି।
ଏହି ଦୁର୍ଗାପୂଜାରେ ଶହ ଶହ ଭକ୍ତ ମାଆଙ୍କ ଦର୍ଶନ କରିବାକୁ ଆସୁଛନ୍ତି। ମଣ୍ଡପରେ ଆଲୋକସଜ୍ଜା ଓ ସାଂସ୍କୃତିକ କାର୍ଯ୍ୟକ୍ରମ ଆୟୋଜିତ ହୋଇଛି। ସ୍ଥାନୀୟ ପ୍ରଶାସନ ସୁରକ୍ଷା ବ୍ୟବସ୍ଥା କରିଛି। ଗ୍ରାମବାସୀ ନିଜେ ରାସ୍ତା ମରାମତି କରିଛନ୍ତି।
ଓଡ଼ିଆ...
ଏହି ଦୁର୍ଗାପୂଜାରେ ଶହ ଶହ ଭକ୍ତ ମାଆଙ୍କ ଦର୍ଶନ କରିବାକୁ ଆସୁଛନ୍ତି। ମଣ୍ଡପରେ ଆଲୋକସଜ୍ଜା ଓ ସାଂସ୍କୃତିକ କାର୍ଯ୍ୟକ୍ରମ ଆୟୋଜିତ ହୋଇଛି। ସ୍ଥାନୀୟ ପ୍ରଶାସନ ସୁରକ୍ଷା ବ୍ୟବସ୍ଥା କରିଛି। ଗ୍ରାମବାସୀ ନିଜେ ରାସ୍ତା ମରାମତି କରିଛନ୍ତି।
ଏହି ଦୁର୍ଗାପୂଜାରେ ଶହ ଶହ ଭକ୍ତ ମାଆଙ୍କ ଦର୍ଶନ କରିବାକୁ ଆସୁଛନ୍ତି। ମଣ୍ଡପରେ ଆଲୋକସଜ୍ଜା ଓ ସାଂସ୍କୃତିକ କାର୍ଯ୍ୟକ୍ରମ ଆୟୋଜିତ ହୋଇଛି। ସ୍ଥାନୀୟ ପ୍ରଶାସନ ସୁରକ୍ଷା ବ୍ୟବସ୍ଥା କରିଛି। ଗ୍ରାମବାସୀ ନିଜେ ରାସ୍ତା ମରାମତି କରିଛନ୍ତି।
ଏହି ଦୁର୍ଗାପୂଜାରେ ଶହ ଶହ ଭକ୍ତ ମାଆଙ୍କ ଦର୍ଶନ କରିବାକୁ ଆସୁଛନ୍ତି। ମଣ୍ଡପରେ ଆଲୋକସଜ୍ଜା ଓ ସାଂସ୍କୃତିକ କାର୍ଯ୍ୟକ୍ରମ ଆୟୋଜିତ ହୋଇଛି। ସ୍ଥାନୀୟ ପ୍ରଶାସନ ସୁରକ୍ଷା ବ୍ୟବସ୍ଥା କରିଛି। ଗ୍ରାମବାସୀ ନିଜେ ରାସ୍ତା ମରାମତି କରିଛନ୍ତି।
ଏହି ଦୁର୍ଗାପୂଜାରେ ଶହ ଶହ ଭକ୍ତ ମାଆଙ୍କ ଦର୍ଶନ କରିବାକୁ ଆସୁଛନ୍ତି। ମଣ୍ଡପରେ ଆଲୋକସଜ୍ଜା ଓ ସାଂସ୍କୃତିକ କାର୍ଯ୍ୟକ୍ରମ ଆୟୋଜିତ ହୋଇଛି। ସ୍ଥାନୀୟ ପ୍ରଶାସନ ସୁରକ୍ଷା ବ୍ୟବସ୍ଥା କରିଛି। ଗ୍ରାମବାସୀ ନିଜେ ରାସ୍ତା ମରାମତି କରିଛନ୍ତି।
